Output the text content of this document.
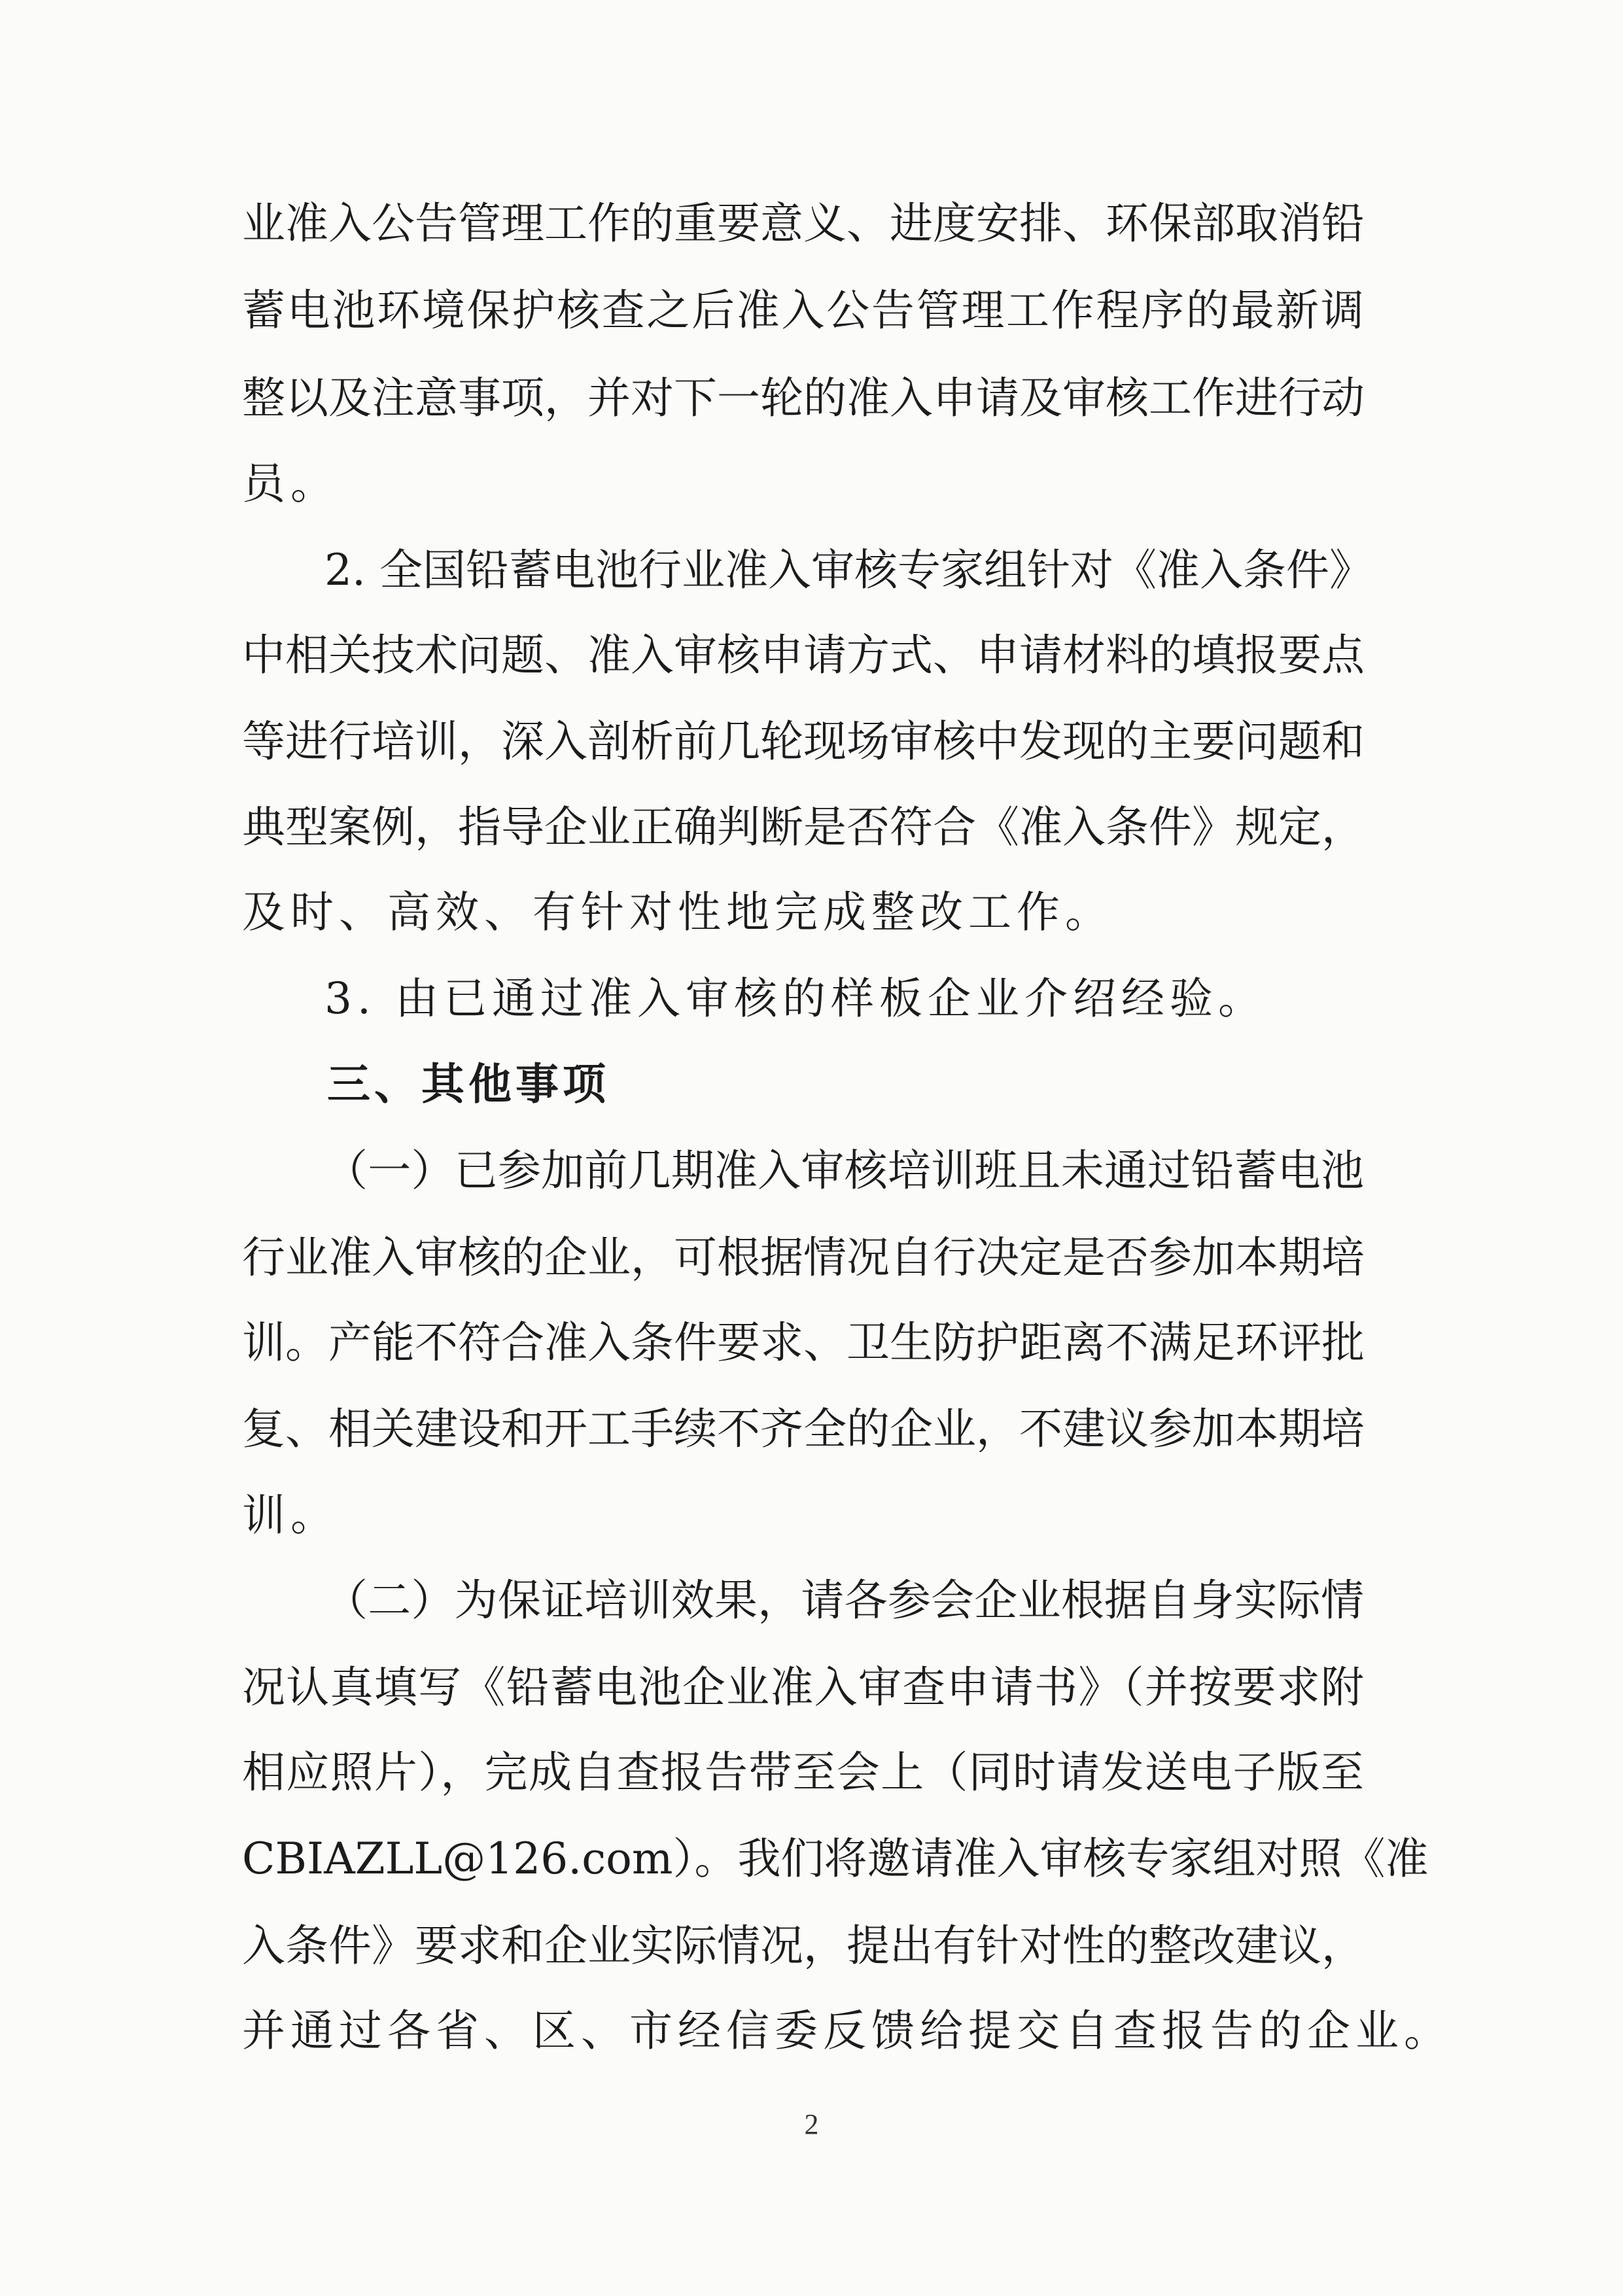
业准入公告管理工作的重要意义、进度安排、环保部取消铅
蓄电池环境保护核查之后准入公告管理工作程序的最新调
整以及注意事项，并对下一轮的准入申请及审核工作进行动
员。
2. 全国铅蓄电池行业准入审核专家组针对《准入条件》
中相关技术问题、准入审核申请方式、申请材料的填报要点
等进行培训，深入剖析前几轮现场审核中发现的主要问题和
典型案例，指导企业正确判断是否符合《准入条件》规定，
及时、高效、有针对性地完成整改工作。
3. 由已通过准入审核的样板企业介绍经验。
三、其他事项
（一）已参加前几期准入审核培训班且未通过铅蓄电池
行业准入审核的企业，可根据情况自行决定是否参加本期培
训。产能不符合准入条件要求、卫生防护距离不满足环评批
复、相关建设和开工手续不齐全的企业，不建议参加本期培
训。
（二）为保证培训效果，请各参会企业根据自身实际情
况认真填写《铅蓄电池企业准入审查申请书》（并按要求附
相应照片），完成自查报告带至会上（同时请发送电子版至
CBIAZLL@126.com）。我们将邀请准入审核专家组对照《准
入条件》要求和企业实际情况，提出有针对性的整改建议，
并通过各省、区、市经信委反馈给提交自查报告的企业。
2
